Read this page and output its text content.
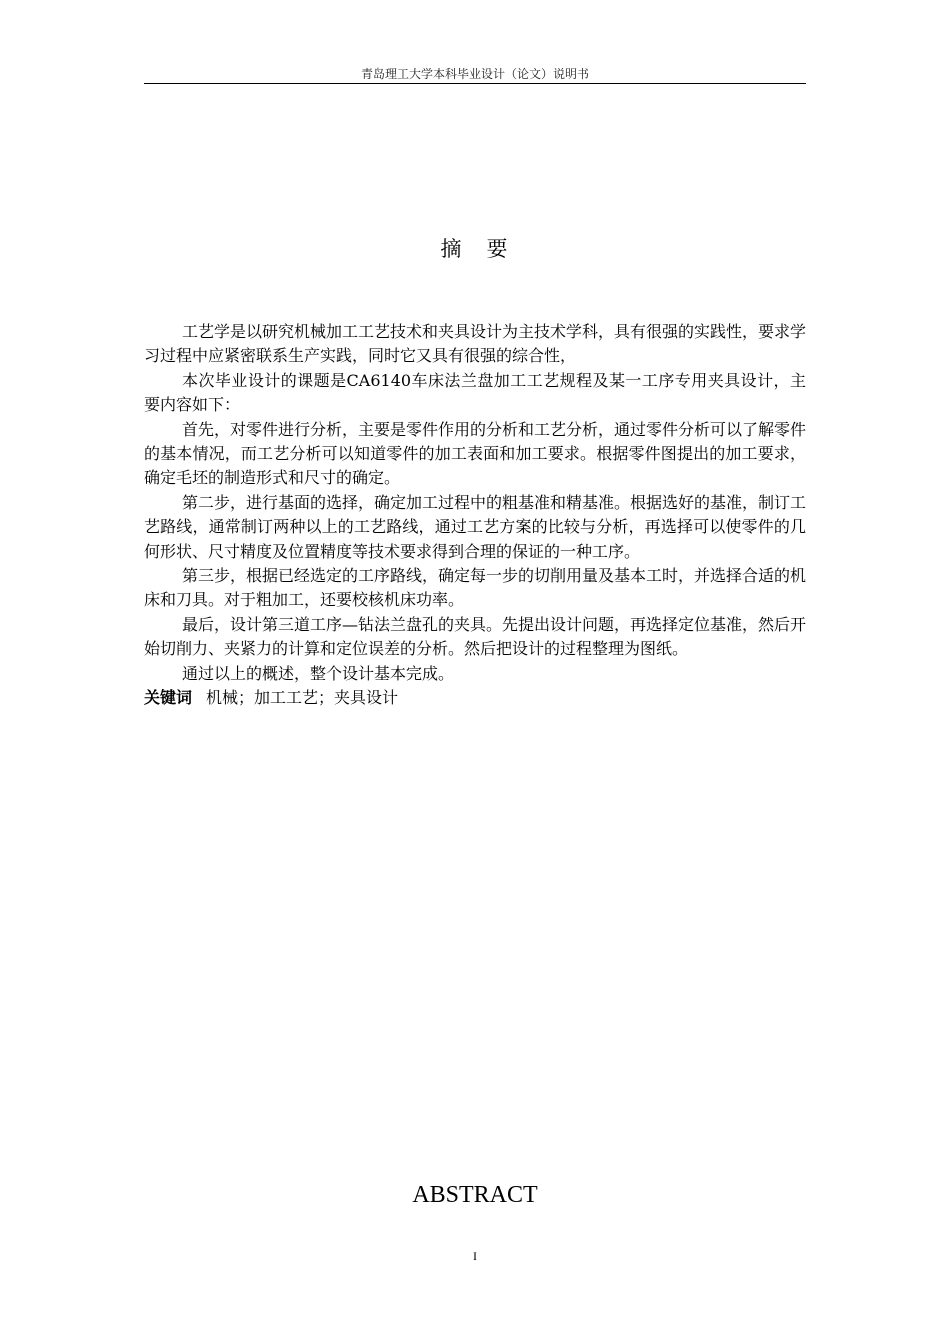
青岛理工大学本科毕业设计（论文）说明书
摘　要

工艺学是以研究机械加工工艺技术和夹具设计为主技术学科，具有很强的实践性，要求学习过程中应紧密联系生产实践，同时它又具有很强的综合性，

本次毕业设计的课题是CA6140车床法兰盘加工工艺规程及某一工序专用夹具设计，主要内容如下：

首先，对零件进行分析，主要是零件作用的分析和工艺分析，通过零件分析可以了解零件的基本情况，而工艺分析可以知道零件的加工表面和加工要求。根据零件图提出的加工要求，确定毛坯的制造形式和尺寸的确定。

第二步，进行基面的选择，确定加工过程中的粗基准和精基准。根据选好的基准，制订工艺路线，通常制订两种以上的工艺路线，通过工艺方案的比较与分析，再选择可以使零件的几何形状、尺寸精度及位置精度等技术要求得到合理的保证的一种工序。

第三步，根据已经选定的工序路线，确定每一步的切削用量及基本工时，并选择合适的机床和刀具。对于粗加工，还要校核机床功率。

最后，设计第三道工序—钻法兰盘孔的夹具。先提出设计问题，再选择定位基准，然后开始切削力、夹紧力的计算和定位误差的分析。然后把设计的过程整理为图纸。

通过以上的概述，整个设计基本完成。

关键词 机械；加工工艺；夹具设计

ABSTRACT
I
